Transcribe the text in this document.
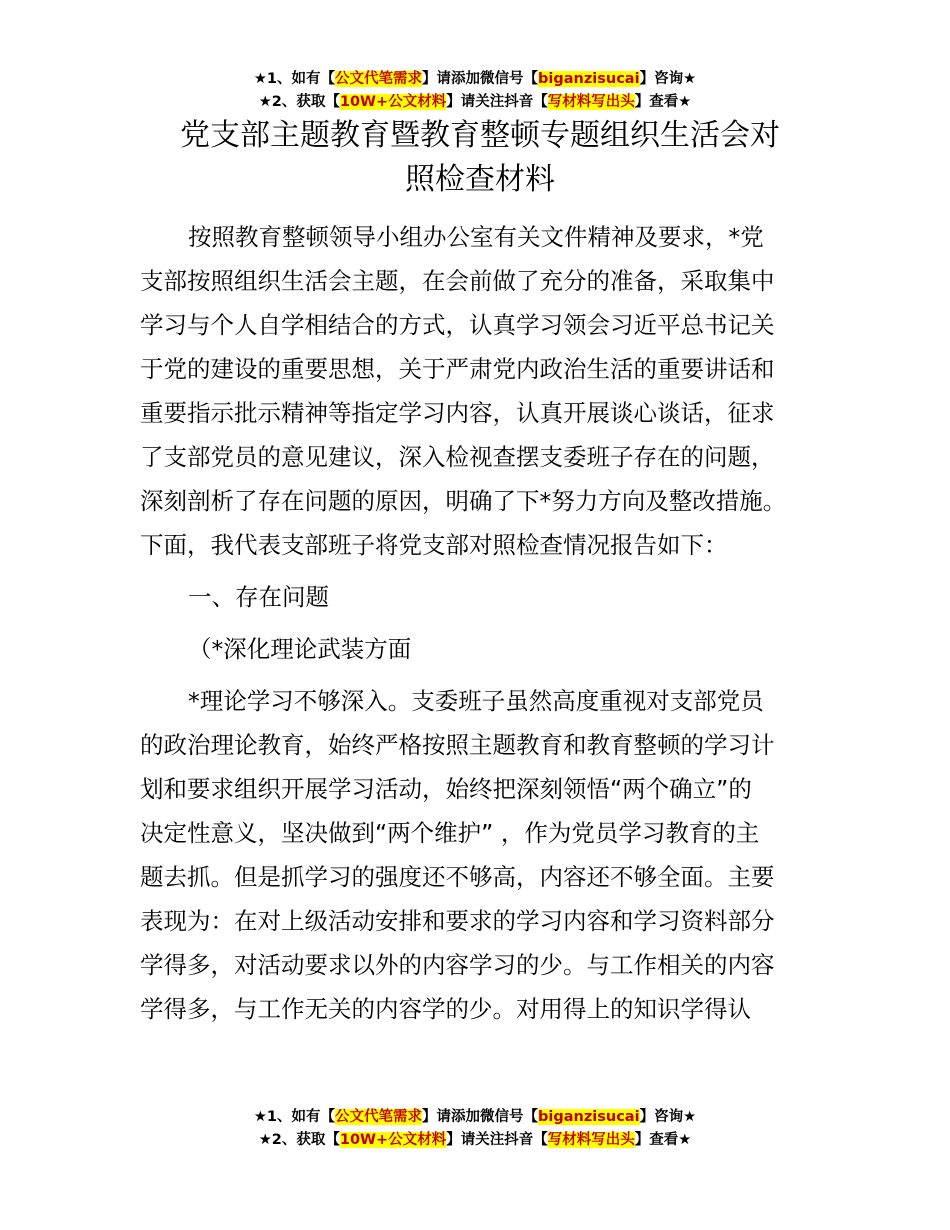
★1、如有【公文代笔需求】请添加微信号【biganzisucai】咨询★
★2、获取【10W+公文材料】请关注抖音【写材料写出头】查看★
党支部主题教育暨教育整顿专题组织生活会对
照检查材料
按照教育整顿领导小组办公室有关文件精神及要求，*党
支部按照组织生活会主题，在会前做了充分的准备，采取集中
学习与个人自学相结合的方式，认真学习领会习近平总书记关
于党的建设的重要思想，关于严肃党内政治生活的重要讲话和
重要指示批示精神等指定学习内容，认真开展谈心谈话，征求
了支部党员的意见建议，深入检视查摆支委班子存在的问题，
深刻剖析了存在问题的原因，明确了下*努力方向及整改措施。
下面，我代表支部班子将党支部对照检查情况报告如下：
一、存在问题
（*深化理论武装方面
*理论学习不够深入。支委班子虽然高度重视对支部党员
的政治理论教育，始终严格按照主题教育和教育整顿的学习计
划和要求组织开展学习活动，始终把深刻领悟“两个确立”的
决定性意义，坚决做到“两个维护” ，作为党员学习教育的主
题去抓。但是抓学习的强度还不够高，内容还不够全面。主要
表现为：在对上级活动安排和要求的学习内容和学习资料部分
学得多，对活动要求以外的内容学习的少。与工作相关的内容
学得多，与工作无关的内容学的少。对用得上的知识学得认
★1、如有【公文代笔需求】请添加微信号【biganzisucai】咨询★
★2、获取【10W+公文材料】请关注抖音【写材料写出头】查看★
